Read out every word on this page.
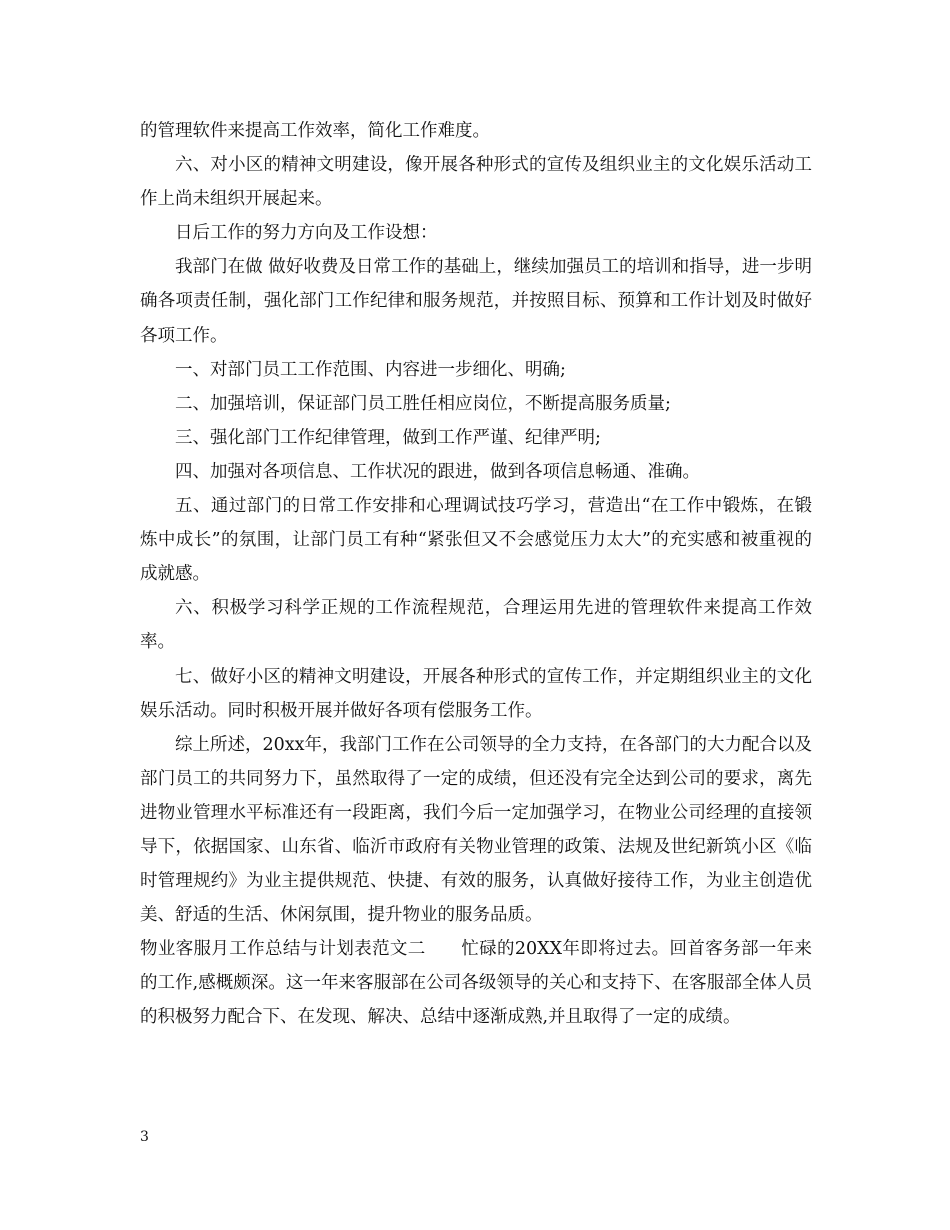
的管理软件来提高工作效率，简化工作难度。

六、对小区的精神文明建设，像开展各种形式的宣传及组织业主的文化娱乐活动工作上尚未组织开展起来。

日后工作的努力方向及工作设想：

我部门在做 做好收费及日常工作的基础上，继续加强员工的培训和指导，进一步明确各项责任制，强化部门工作纪律和服务规范，并按照目标、预算和工作计划及时做好各项工作。

一、对部门员工工作范围、内容进一步细化、明确;

二、加强培训，保证部门员工胜任相应岗位，不断提高服务质量;

三、强化部门工作纪律管理，做到工作严谨、纪律严明;

四、加强对各项信息、工作状况的跟进，做到各项信息畅通、准确。

五、通过部门的日常工作安排和心理调试技巧学习，营造出“在工作中锻炼，在锻炼中成长”的氛围，让部门员工有种“紧张但又不会感觉压力太大”的充实感和被重视的成就感。

六、积极学习科学正规的工作流程规范，合理运用先进的管理软件来提高工作效率。

七、做好小区的精神文明建设，开展各种形式的宣传工作，并定期组织业主的文化娱乐活动。同时积极开展并做好各项有偿服务工作。

综上所述，20xx年，我部门工作在公司领导的全力支持，在各部门的大力配合以及部门员工的共同努力下，虽然取得了一定的成绩，但还没有完全达到公司的要求，离先进物业管理水平标准还有一段距离，我们今后一定加强学习，在物业公司经理的直接领导下，依据国家、山东省、临沂市政府有关物业管理的政策、法规及世纪新筑小区《临时管理规约》为业主提供规范、快捷、有效的服务，认真做好接待工作，为业主创造优美、舒适的生活、休闲氛围，提升物业的服务品质。

物业客服月工作总结与计划表范文二　　忙碌的20XX年即将过去。回首客务部一年来的工作,感概颇深。这一年来客服部在公司各级领导的关心和支持下、在客服部全体人员的积极努力配合下、在发现、解决、总结中逐渐成熟,并且取得了一定的成绩。

3
